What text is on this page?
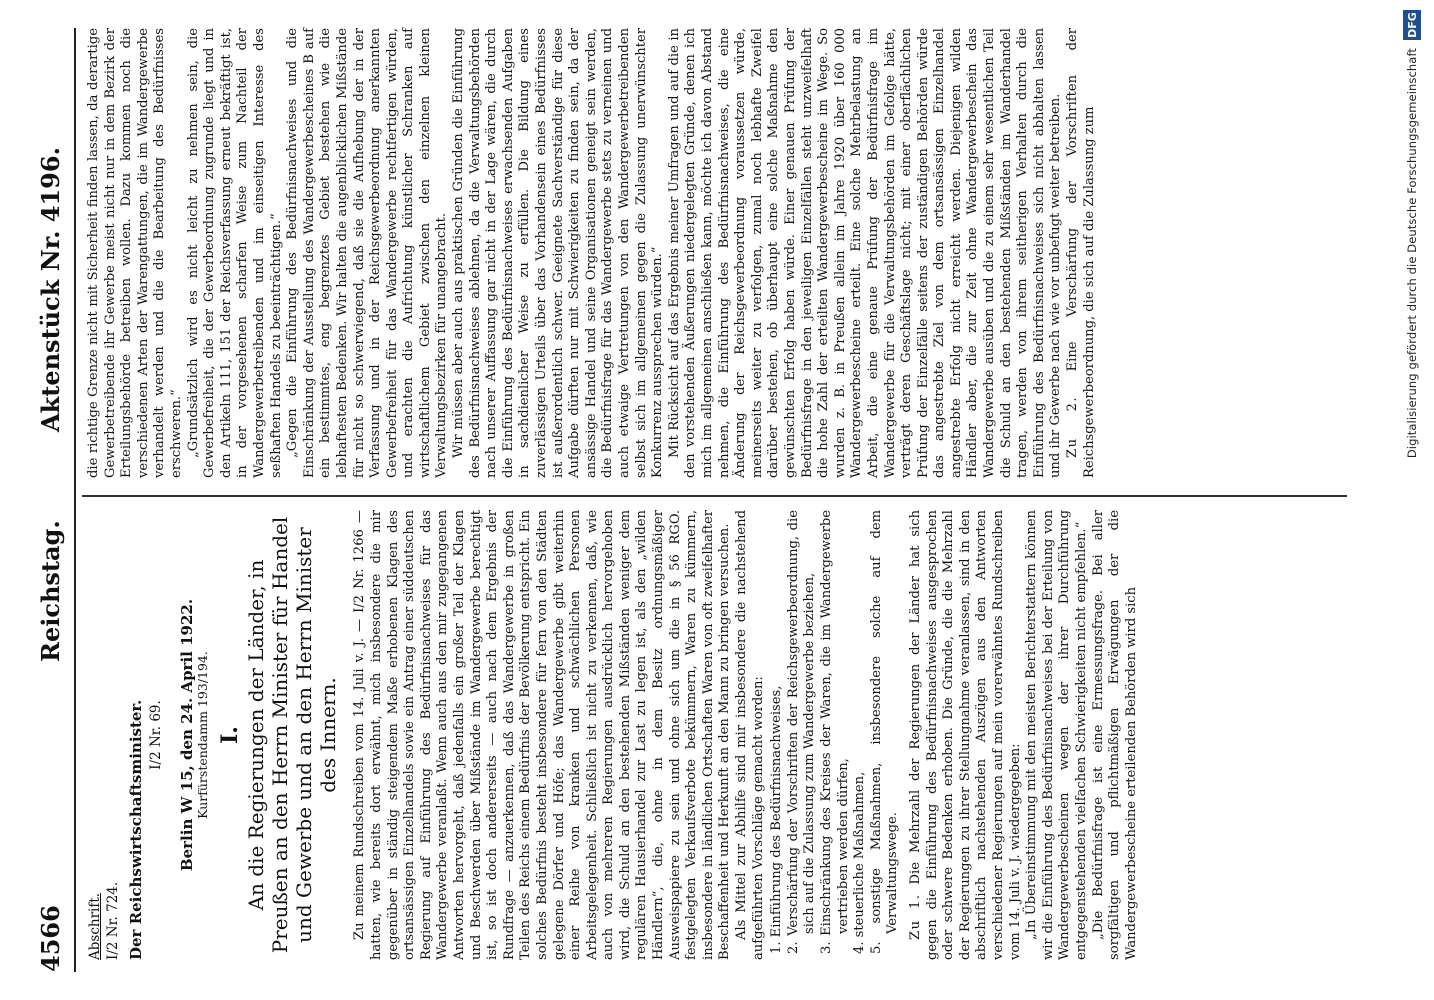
4566
Reichstag.
Aktenstück Nr. 4196.

Abschrift. I/2 Nr. 724. Der Reichswirtschaftsminister. I/2 Nr. 69. Berlin W 15, den 24. April 1922. Kurfürstendamm 193/194. I. An die Regierungen der Länder, in Preußen an den Herrn Minister für Handel und Gewerbe und an den Herrn Minister des Innern. Zu meinem Rundschreiben vom 14. Juli v. J. — I/2 Nr. 1266 — hatten, wie bereits dort erwähnt, mich insbesondere die mir gegenüber in ständig steigendem Maße erhobenen Klagen des ortsansässigen Einzelhandels sowie ein Antrag einer süddeutschen Regierung auf Einführung des Bedürfnisnachweises für das Wandergewerbe veranlaßt. Wenn auch aus den mir zugegangenen Antworten hervorgeht, daß jedenfalls ein großer Teil der Klagen und Beschwerden über Mißstände im Wandergewerbe berechtigt ist, so ist doch andererseits — auch nach dem Ergebnis der Rundfrage — anzuerkennen, daß das Wandergewerbe in großen Teilen des Reichs einem Bedürfnis der Bevölkerung entspricht. Ein solches Bedürfnis besteht insbesondere für fern von den Städten gelegene Dörfer und Höfe; das Wandergewerbe gibt weiterhin einer Reihe von kranken und schwächlichen Personen Arbeitsgelegenheit. Schließlich ist nicht zu verkennen, daß, wie auch von mehreren Regierungen ausdrücklich hervorgehoben wird, die Schuld an den bestehenden Mißständen weniger dem regulären Hausierhandel zur Last zu legen ist, als den „wilden Händlern“, die, ohne in dem Besitz ordnungsmäßiger Ausweispapiere zu sein und ohne sich um die in § 56 RGO. festgelegten Verkaufsverbote bekümmern, Waren zu kümmern, insbesondere in ländlichen Ortschaften Waren von oft zweifelhafter Beschaffenheit und Herkunft an den Mann zu bringen versuchen. Als Mittel zur Abhilfe sind mir insbesondere die nachstehend aufgeführten Vorschläge gemacht worden: 1. Einführung des Bedürfnisnachweises, 2. Verschärfung der Vorschriften der Reichsgewerbeordnung, die sich auf die Zulassung zum Wandergewerbe beziehen, 3. Einschränkung des Kreises der Waren, die im Wandergewerbe vertrieben werden dürfen, 4. steuerliche Maßnahmen, 5. sonstige Maßnahmen, insbesondere solche auf dem Verwaltungswege. Zu 1. Die Mehrzahl der Regierungen der Länder hat sich gegen die Einführung des Bedürfnisnachweises ausgesprochen oder schwere Bedenken erhoben. Die Gründe, die die Mehrzahl der Regierungen zu ihrer Stellungnahme veranlassen, sind in den abschriftlich nachstehenden Auszügen aus den Antworten verschiedener Regierungen auf mein vorerwähntes Rundschreiben vom 14. Juli v. J. wiedergegeben: „In Übereinstimmung mit den meisten Berichterstattern können wir die Einführung des Bedürfnisnachweises bei der Erteilung von Wandergewerbescheinen wegen der ihrer Durchführung entgegenstehenden vielfachen Schwierigkeiten nicht empfehlen.“ „Die Bedürfnisfrage ist eine Ermessungsfrage. Bei aller sorgfältigen und pflichtmäßigen Erwägungen der die Wandergewerbescheine erteilenden Behörden wird sich

die richtige Grenze nicht mit Sicherheit finden lassen, da derartige Gewerbetreibende ihr Gewerbe meist nicht nur in dem Bezirk der Erteilungsbehörde betreiben wollen. Dazu kommen noch die verschiedenen Arten der Warengattungen, die im Wandergewerbe verhandelt werden und die die Bearbeitung des Bedürfnisses erschweren.“ „Grundsätzlich wird es nicht leicht zu nehmen sein, die Gewerbefreiheit, die der Gewerbeordnung zugrunde liegt und in den Artikeln 111, 151 der Reichsverfassung erneut bekräftigt ist, in der vorgesehenen scharfen Weise zum Nachteil der Wandergewerbetreibenden und im einseitigen Interesse des seßhaften Handels zu beeinträchtigen.“ „Gegen die Einführung des Bedürfnisnachweises und die Einschränkung der Ausstellung des Wandergewerbescheines B auf ein bestimmtes, eng begrenztes Gebiet bestehen wie die lebhaftesten Bedenken. Wir halten die augenblicklichen Mißstände für nicht so schwerwiegend, daß sie die Aufhebung der in der Verfassung und in der Reichsgewerbeordnung anerkannten Gewerbefreiheit für das Wandergewerbe rechtfertigen würden, und erachten die Aufrichtung künstlicher Schranken auf wirtschaftlichem Gebiet zwischen den einzelnen kleinen Verwaltungsbezirken für unangebracht. Wir müssen aber auch aus praktischen Gründen die Einführung des Bedürfnisnachweises ablehnen, da die Verwaltungsbehörden nach unserer Auffassung gar nicht in der Lage wären, die durch die Einführung des Bedürfnisnachweises erwachsenden Aufgaben in sachdienlicher Weise zu erfüllen. Die Bildung eines zuverlässigen Urteils über das Vorhandensein eines Bedürfnisses ist außerordentlich schwer. Geeignete Sachverständige für diese Aufgabe dürften nur mit Schwierigkeiten zu finden sein, da der ansässige Handel und seine Organisationen geneigt sein werden, die Bedürfnisfrage für das Wandergewerbe stets zu verneinen und auch etwaige Vertretungen von den Wandergewerbetreibenden selbst sich im allgemeinen gegen die Zulassung unerwünschter Konkurrenz aussprechen würden.“ Mit Rücksicht auf das Ergebnis meiner Umfragen und auf die in den vorstehenden Äußerungen niedergelegten Gründe, denen ich mich im allgemeinen anschließen kann, möchte ich davon Abstand nehmen, die Einführung des Bedürfnisnachweises, die eine Änderung der Reichsgewerbeordnung voraussetzen würde, meinerseits weiter zu verfolgen, zumal noch lebhafte Zweifel darüber bestehen, ob überhaupt eine solche Maßnahme den gewünschten Erfolg haben würde. Einer genauen Prüfung der Bedürfnisfrage in den jeweiligen Einzelfällen steht unzweifelhaft die hohe Zahl der erteilten Wandergewerbescheine im Wege. So wurden z. B. in Preußen allein im Jahre 1920 über 160 000 Wandergewerbescheine erteilt. Eine solche Mehrbelastung an Arbeit, die eine genaue Prüfung der Bedürfnisfrage im Wandergewerbe für die Verwaltungsbehörden im Gefolge hätte, verträgt deren Geschäftslage nicht; mit einer oberflächlichen Prüfung der Einzelfälle seitens der zuständigen Behörden würde das angestrebte Ziel von dem ortsansässigen Einzelhandel angestrebte Erfolg nicht erreicht werden. Diejenigen wilden Händler aber, die zur Zeit ohne Wandergewerbeschein das Wandergewerbe ausüben und die zu einem sehr wesentlichen Teil die Schuld an den bestehenden Mißständen im Wanderhandel tragen, werden von ihrem seitherigen Verhalten durch die Einführung des Bedürfnisnachweises sich nicht abhalten lassen und ihr Gewerbe nach wie vor unbefugt weiter betreiben. Zu 2. Eine Verschärfung der Vorschriften der Reichsgewerbeordnung, die sich auf die Zulassung zum	Digitalisierung gefördert durch die Deutsche Forschungsgemeinschaft
DFG
